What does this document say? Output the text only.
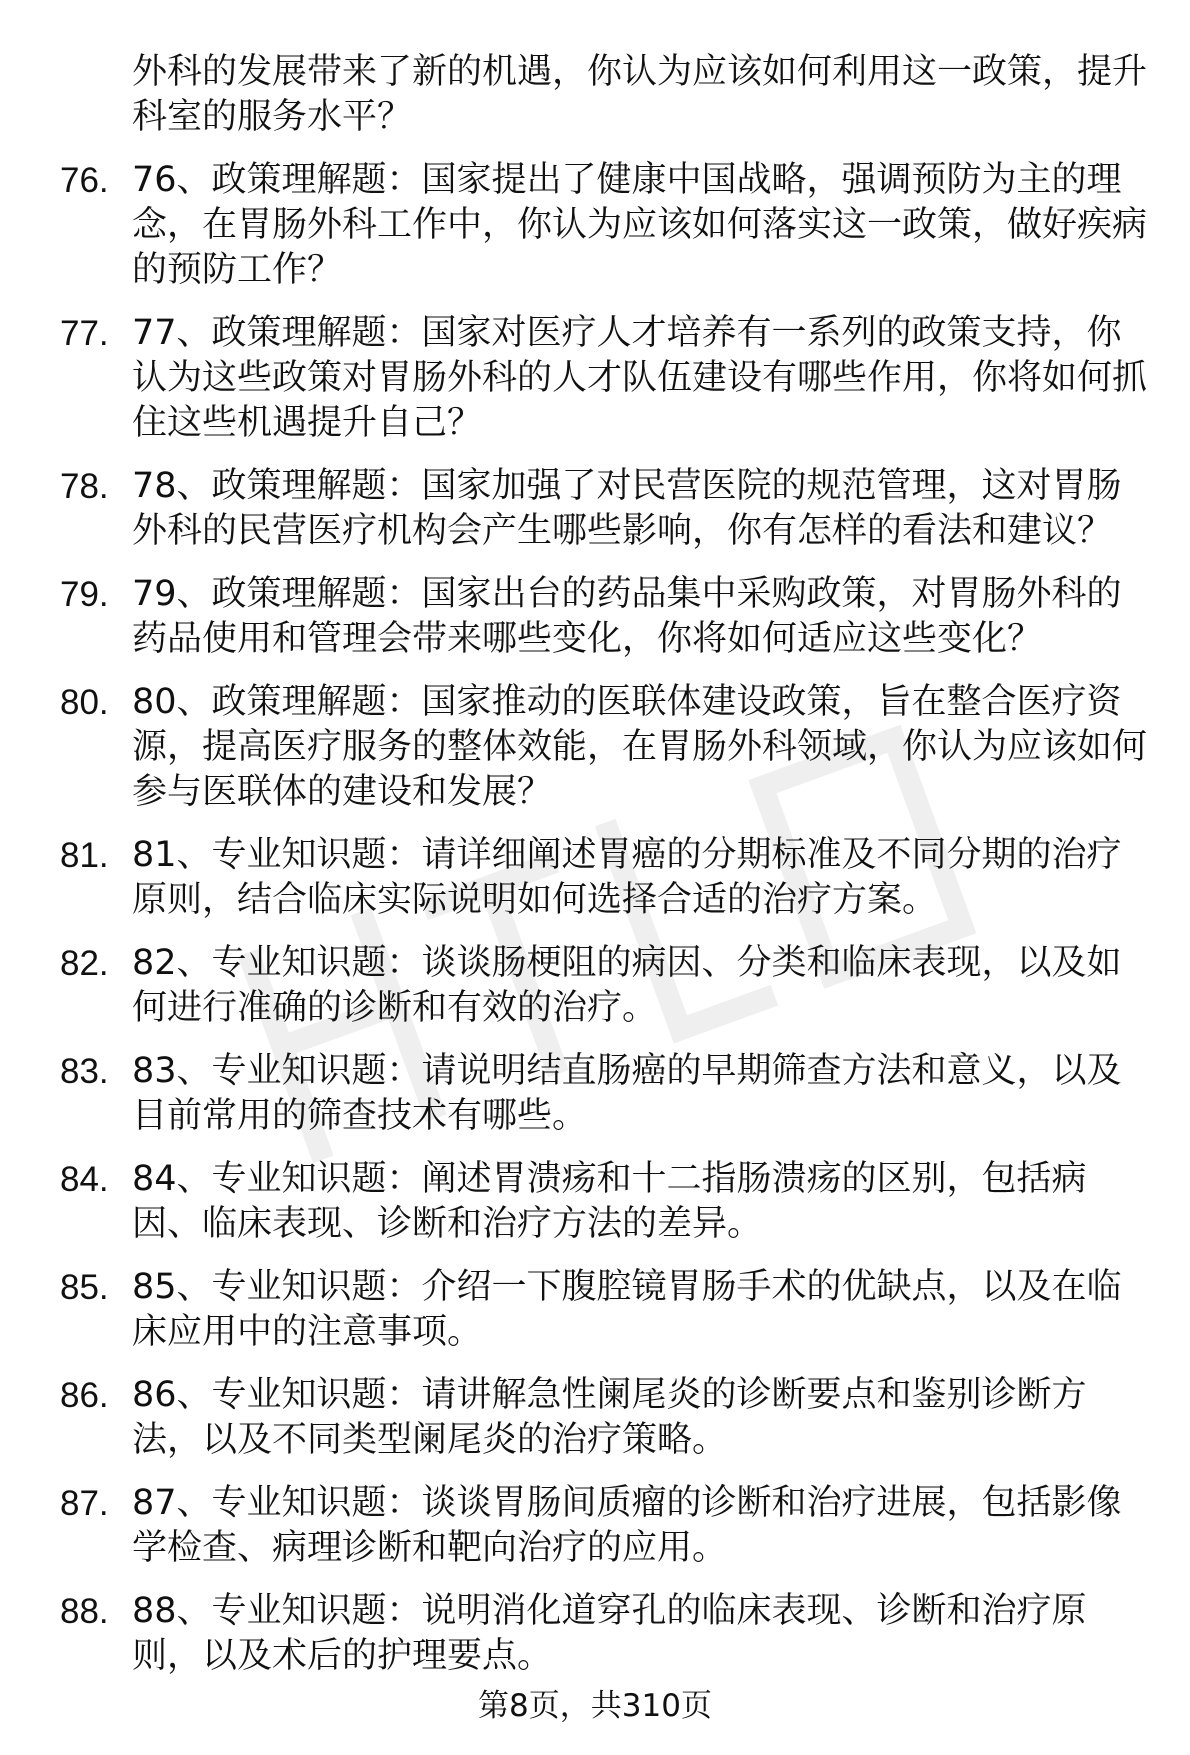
外科的发展带来了新的机遇，你认为应该如何利用这一政策，提升科室的服务水平？
76. 76、政策理解题：国家提出了健康中国战略，强调预防为主的理念，在胃肠外科工作中，你认为应该如何落实这一政策，做好疾病的预防工作？
77. 77、政策理解题：国家对医疗人才培养有一系列的政策支持，你认为这些政策对胃肠外科的人才队伍建设有哪些作用，你将如何抓住这些机遇提升自己？
78. 78、政策理解题：国家加强了对民营医院的规范管理，这对胃肠外科的民营医疗机构会产生哪些影响，你有怎样的看法和建议？
79. 79、政策理解题：国家出台的药品集中采购政策，对胃肠外科的药品使用和管理会带来哪些变化，你将如何适应这些变化？
80. 80、政策理解题：国家推动的医联体建设政策，旨在整合医疗资源，提高医疗服务的整体效能，在胃肠外科领域，你认为应该如何参与医联体的建设和发展？
81. 81、专业知识题：请详细阐述胃癌的分期标准及不同分期的治疗原则，结合临床实际说明如何选择合适的治疗方案。
82. 82、专业知识题：谈谈肠梗阻的病因、分类和临床表现，以及如何进行准确的诊断和有效的治疗。
83. 83、专业知识题：请说明结直肠癌的早期筛查方法和意义，以及目前常用的筛查技术有哪些。
84. 84、专业知识题：阐述胃溃疡和十二指肠溃疡的区别，包括病因、临床表现、诊断和治疗方法的差异。
85. 85、专业知识题：介绍一下腹腔镜胃肠手术的优缺点，以及在临床应用中的注意事项。
86. 86、专业知识题：请讲解急性阑尾炎的诊断要点和鉴别诊断方法，以及不同类型阑尾炎的治疗策略。
87. 87、专业知识题：谈谈胃肠间质瘤的诊断和治疗进展，包括影像学检查、病理诊断和靶向治疗的应用。
88. 88、专业知识题：说明消化道穿孔的临床表现、诊断和治疗原则，以及术后的护理要点。
第8页，共310页
